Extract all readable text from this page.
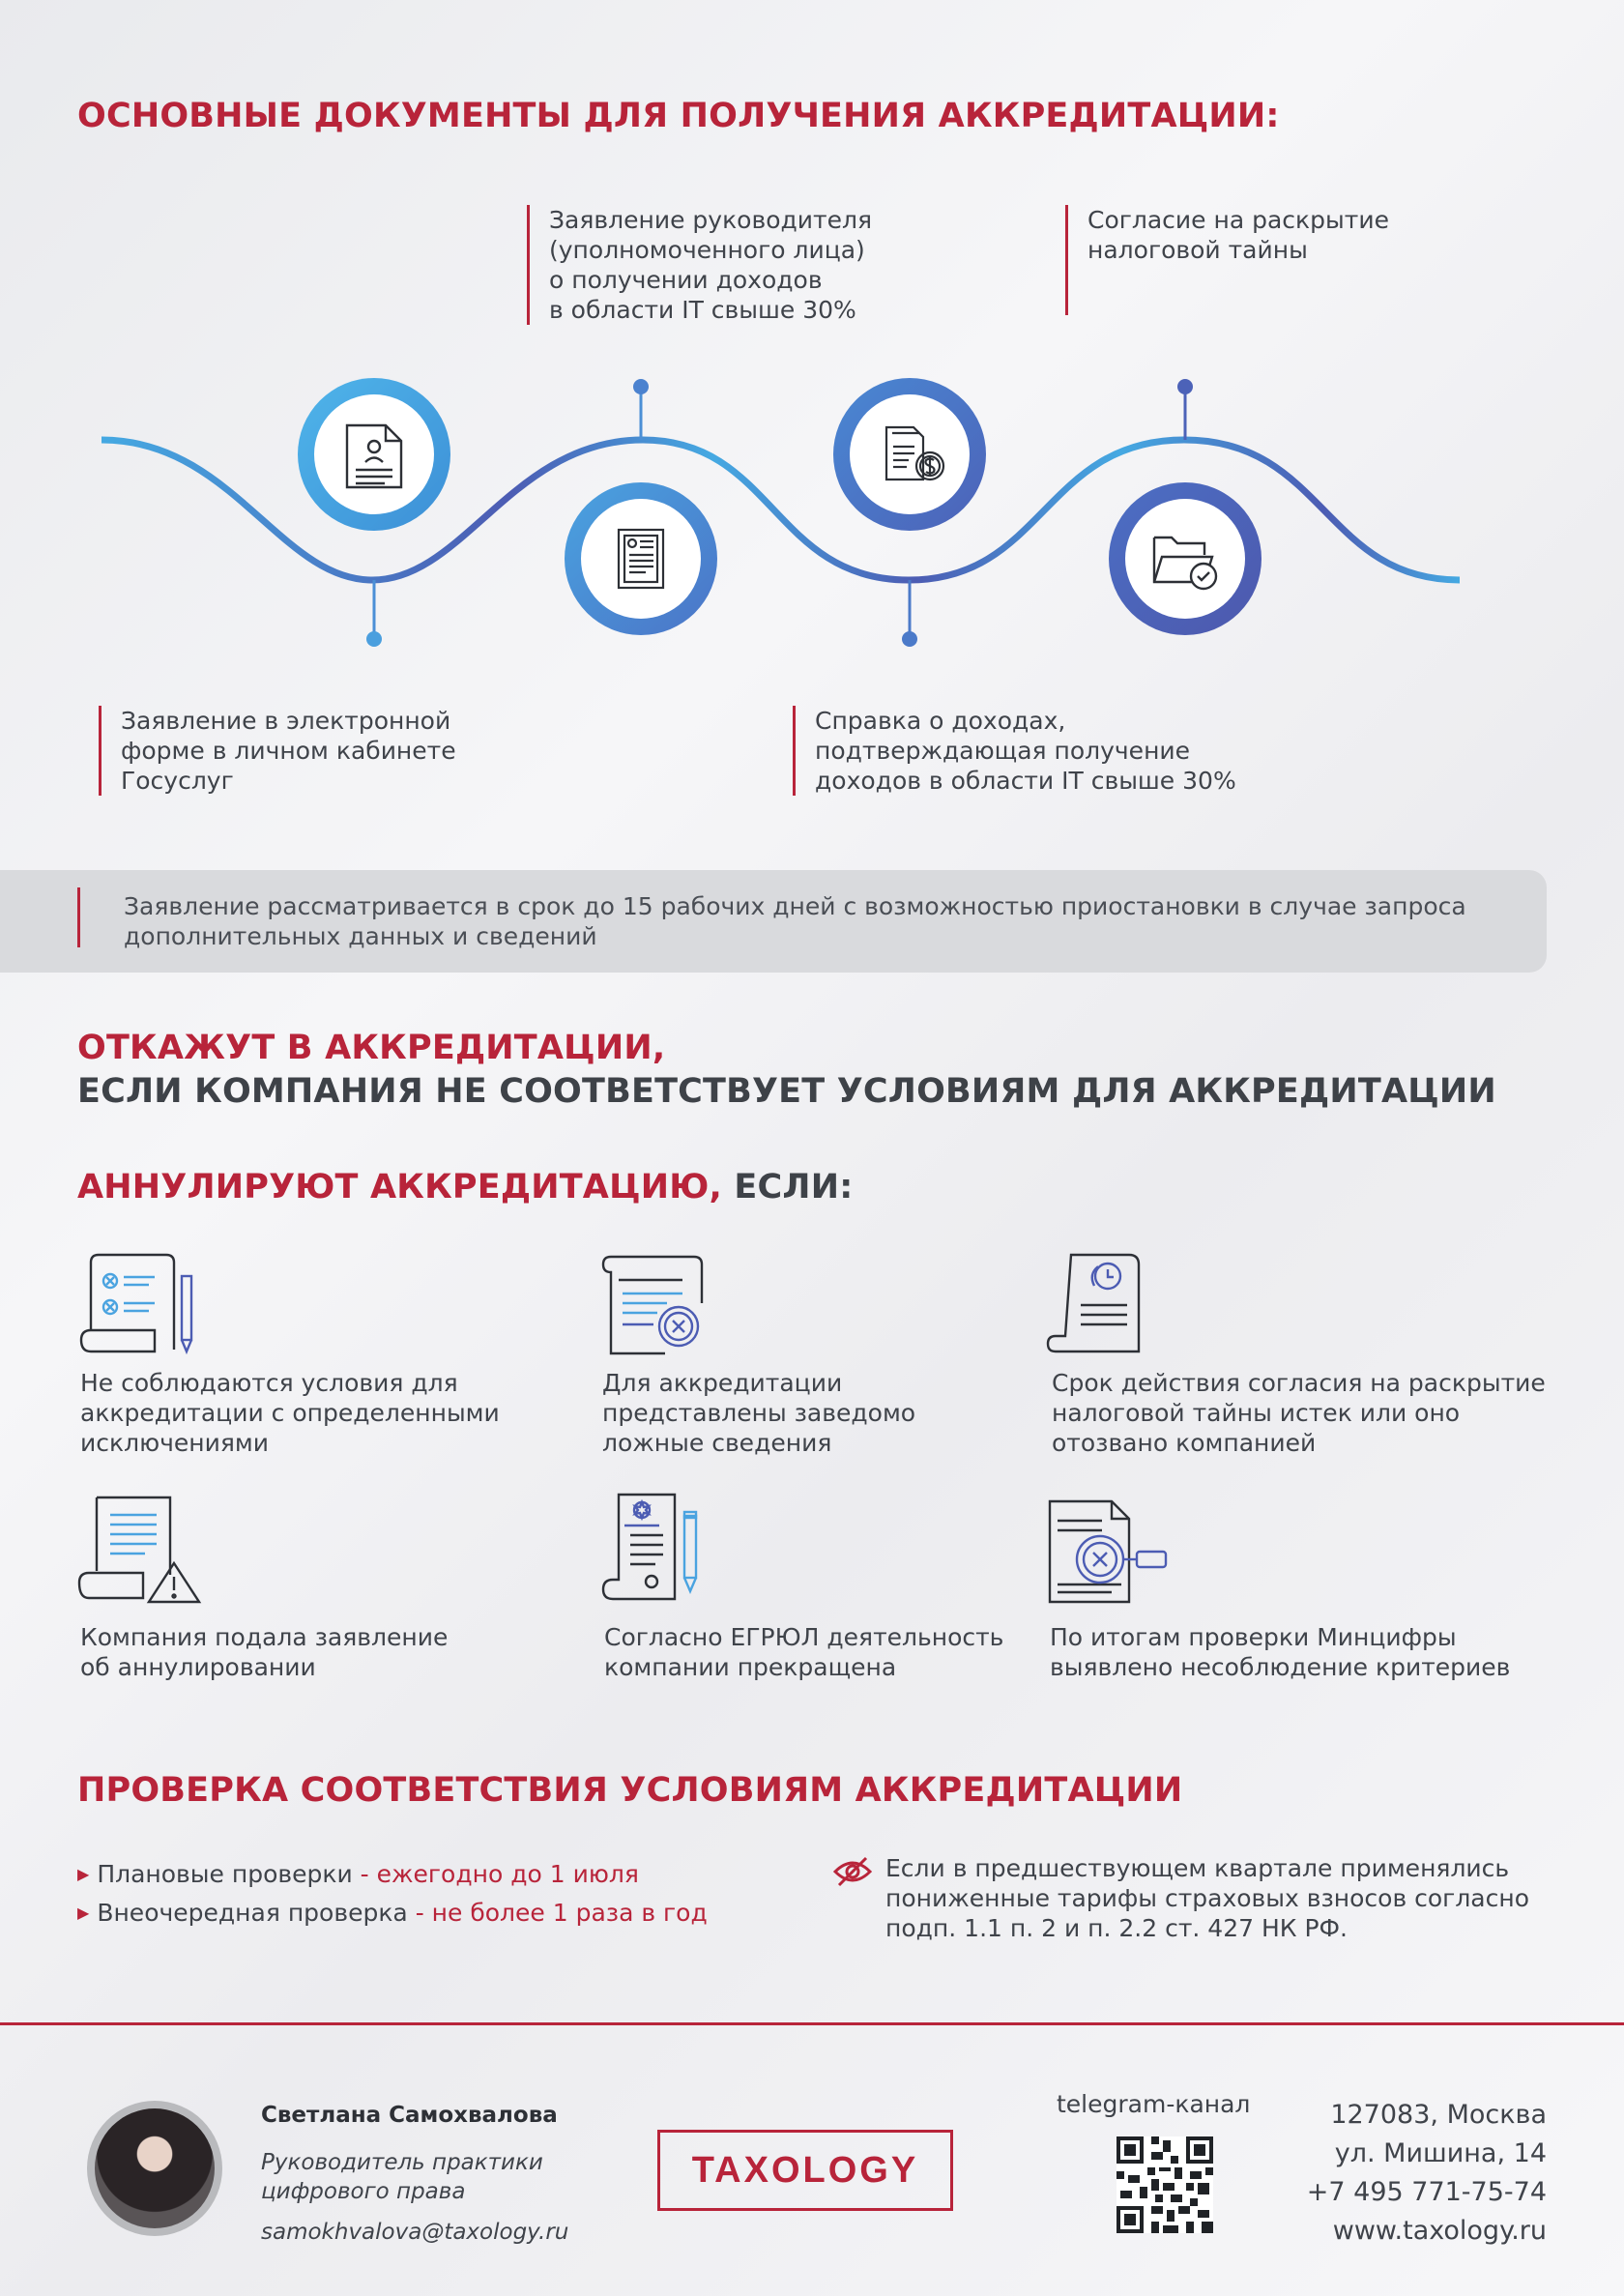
ОСНОВНЫЕ ДОКУМЕНТЫ ДЛЯ ПОЛУЧЕНИЯ АККРЕДИТАЦИИ:
Заявление руководителя
(уполномоченного лица)
о получении доходов
в области IT свыше 30%
Согласие на раскрытие
налоговой тайны
Заявление в электронной
форме в личном кабинете
Госуслуг
Справка о доходах,
подтверждающая получение
доходов в области IT свыше 30%
Заявление рассматривается в срок до 15 рабочих дней с возможностью приостановки в случае запроса
дополнительных данных и сведений
ОТКАЖУТ В АККРЕДИТАЦИИ,
ЕСЛИ КОМПАНИЯ НЕ СООТВЕТСТВУЕТ УСЛОВИЯМ ДЛЯ АККРЕДИТАЦИИ
АННУЛИРУЮТ АККРЕДИТАЦИЮ, ЕСЛИ:
Не соблюдаются условия для
аккредитации с определенными
исключениями
Для аккредитации
представлены заведомо
ложные сведения
Срок действия согласия на раскрытие
налоговой тайны истек или оно
отозвано компанией
Компания подала заявление
об аннулировании
Согласно ЕГРЮЛ деятельность
компании прекращена
По итогам проверки Минцифры
выявлено несоблюдение критериев
ПРОВЕРКА СООТВЕТСТВИЯ УСЛОВИЯМ АККРЕДИТАЦИИ
▶ Плановые проверки - ежегодно до 1 июля
▶ Внеочередная проверка - не более 1 раза в год
Если в предшествующем квартале применялись
пониженные тарифы страховых взносов согласно
подп. 1.1 п. 2 и п. 2.2 ст. 427 НК РФ.
Светлана Самохвалова
Руководитель практики
цифрового права
samokhvalova@taxology.ru
TAXOLOGY
telegram-канал	127083, Москва
ул. Мишина, 14
+7 495 771-75-74
www.taxology.ru
